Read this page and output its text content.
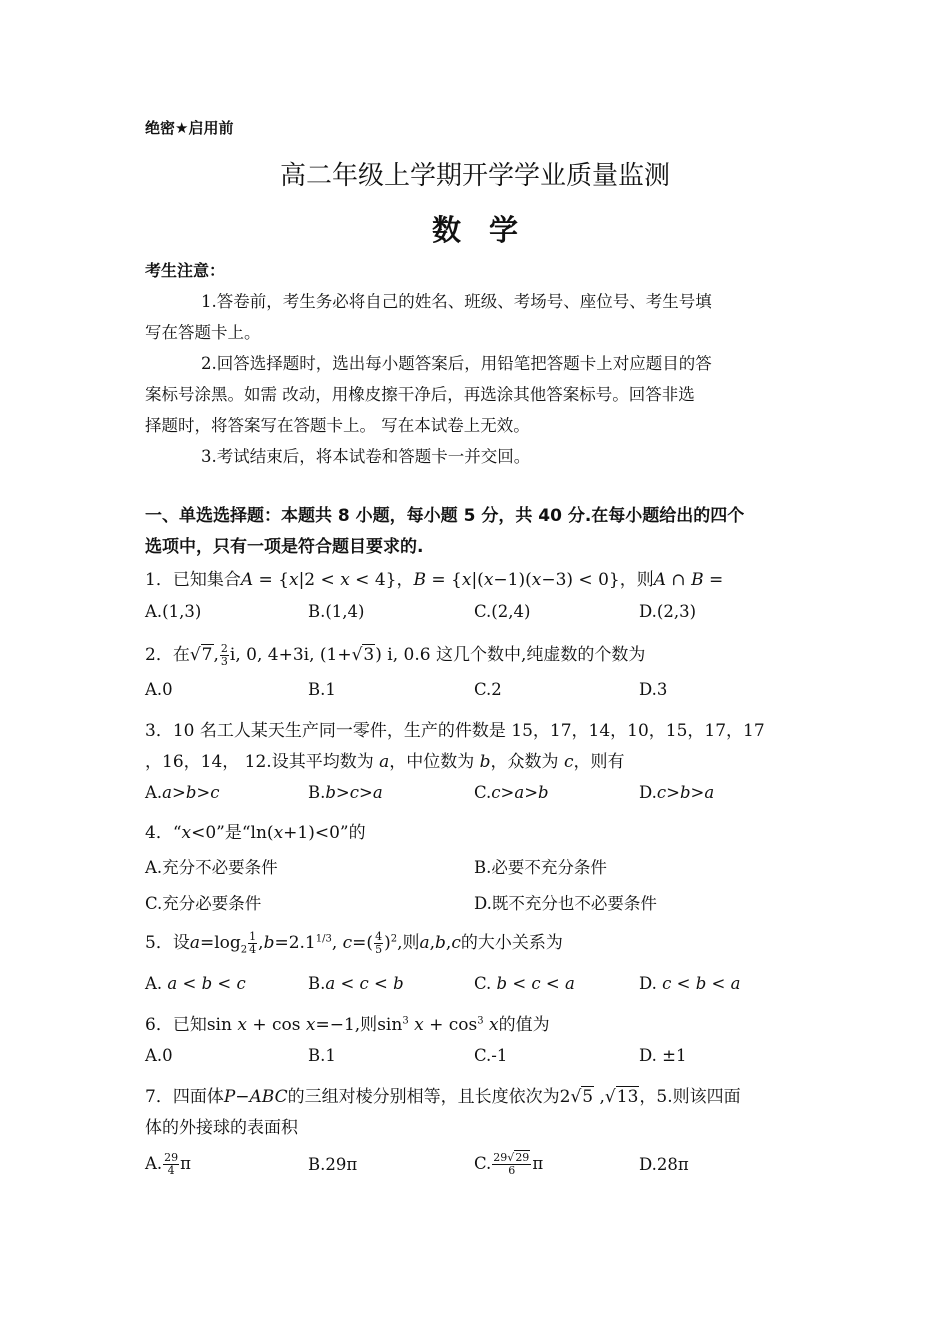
绝密★启用前
高二年级上学期开学学业质量监测
数学
考生注意：
1.答卷前，考生务必将自己的姓名、班级、考场号、座位号、考生号填
写在答题卡上。
2.回答选择题时，选出每小题答案后，用铅笔把答题卡上对应题目的答
案标号涂黑。如需 改动，用橡皮擦干净后，再选涂其他答案标号。回答非选
择题时，将答案写在答题卡上。 写在本试卷上无效。
3.考试结束后，将本试卷和答题卡一并交回。
一、单选选择题：本题共 8 小题，每小题 5 分，共 40 分.在每小题给出的四个
选项中，只有一项是符合题目要求的.
1．已知集合A = {x|2 < x < 4}，B = {x|(x−1)(x−3) < 0}，则A ∩ B =
A.(1,3)	B.(1,4)	C.(2,4)	D.(2,3)
2．在√7, $\frac{2}{3} i$, 0, 4+3i, (1+√3) i, 0.6 这几个数中,纯虚数的个数为
A.0	B.1	C.2	D.3
3．10 名工人某天生产同一零件，生产的件数是 15，17，14，10，15，17，17
，16，14， 12.设其平均数为 a，中位数为 b，众数为 c，则有
A.a>b>c	B.b>c>a	C.c>a>b	D.c>b>a
4．“x<0”是“ln(x+1)<0”的
A.充分不必要条件	B.必要不充分条件
C.充分必要条件	D.既不充分也不必要条件
5．设$a=\log_2 \frac{1}{4} ,b=2.1^{1/3}$, $c=( \frac{4}{5} )^2$,则a,b,c的大小关系为
A. a < b < c	B.a < c < b	C. b < c < a	D. c < b < a
6．已知sin x + cos x=−1,则$\sin^3 x + \cos^3 x$的值为
A.0	B.1	C.-1	D. ±1
7．四面体P−ABC的三组对棱分别相等，且长度依次为2√5 ,√13，5.则该四面
体的外接球的表面积
A. $\frac{29}{4}$ π	B.29π	C. $\frac{29√29}{6}$ π	D.28π
